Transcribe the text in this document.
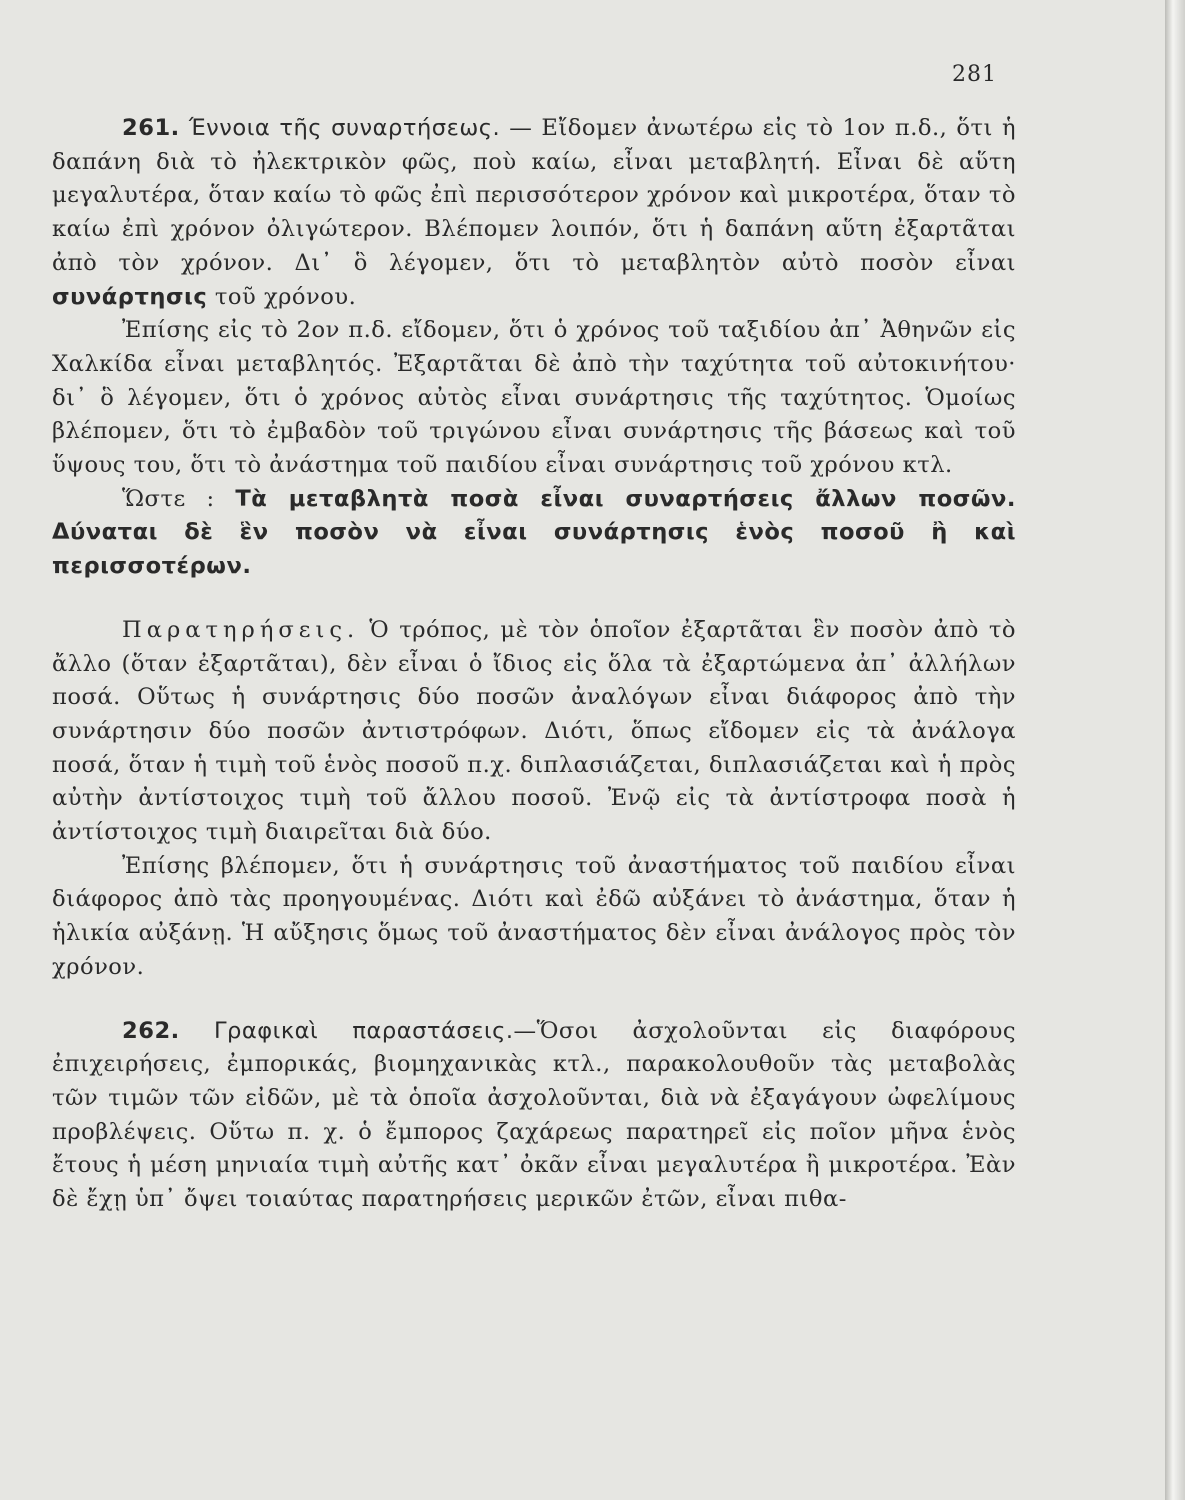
281

261. Έννοια τῆς συναρτήσεως. — Εἴδομεν ἀνωτέρω εἰς τὸ 1ον π.δ., ὅτι ἡ δαπάνη διὰ τὸ ἠλεκτρικὸν φῶς, ποὺ καίω, εἶναι μεταβλητή. Εἶναι δὲ αὕτη μεγαλυτέρα, ὅταν καίω τὸ φῶς ἐπὶ περισσότερον χρόνον καὶ μικροτέρα, ὅταν τὸ καίω ἐπὶ χρόνον ὀλιγώτερον. Βλέπομεν λοιπόν, ὅτι ἡ δαπάνη αὕτη ἐξαρτᾶται ἀπὸ τὸν χρόνον. Δι᾽ ὃ λέγομεν, ὅτι τὸ μεταβλητὸν αὐτὸ ποσὸν εἶναι συνάρτησις τοῦ χρόνου.

Ἐπίσης εἰς τὸ 2ον π.δ. εἴδομεν, ὅτι ὁ χρόνος τοῦ ταξιδίου ἀπ᾽ Ἀθηνῶν εἰς Χαλκίδα εἶναι μεταβλητός. Ἐξαρτᾶται δὲ ἀπὸ τὴν ταχύτητα τοῦ αὐτοκινήτου· δι᾽ ὃ λέγομεν, ὅτι ὁ χρόνος αὐτὸς εἶναι συνάρτησις τῆς ταχύτητος. Ὁμοίως βλέπομεν, ὅτι τὸ ἐμβαδὸν τοῦ τριγώνου εἶναι συνάρτησις τῆς βάσεως καὶ τοῦ ὕψους του, ὅτι τὸ ἀνάστημα τοῦ παιδίου εἶναι συνάρτησις τοῦ χρόνου κτλ.

Ὥστε : Τὰ μεταβλητὰ ποσὰ εἶναι συναρτήσεις ἄλλων ποσῶν. Δύναται δὲ ἓν ποσὸν νὰ εἶναι συνάρτησις ἑνὸς ποσοῦ ἢ καὶ περισσοτέρων.

Παρατηρήσεις. Ὁ τρόπος, μὲ τὸν ὁποῖον ἐξαρτᾶται ἓν ποσὸν ἀπὸ τὸ ἄλλο (ὅταν ἐξαρτᾶται), δὲν εἶναι ὁ ἴδιος εἰς ὅλα τὰ ἐξαρτώμενα ἀπ᾽ ἀλλήλων ποσά. Οὕτως ἡ συνάρτησις δύο ποσῶν ἀναλόγων εἶναι διάφορος ἀπὸ τὴν συνάρτησιν δύο ποσῶν ἀντιστρόφων. Διότι, ὅπως εἴδομεν εἰς τὰ ἀνάλογα ποσά, ὅταν ἡ τιμὴ τοῦ ἑνὸς ποσοῦ π.χ. διπλασιάζεται, διπλασιάζεται καὶ ἡ πρὸς αὐτὴν ἀντίστοιχος τιμὴ τοῦ ἄλλου ποσοῦ. Ἐνῷ εἰς τὰ ἀντίστροφα ποσὰ ἡ ἀντίστοιχος τιμὴ διαιρεῖται διὰ δύο.

Ἐπίσης βλέπομεν, ὅτι ἡ συνάρτησις τοῦ ἀναστήματος τοῦ παιδίου εἶναι διάφορος ἀπὸ τὰς προηγουμένας. Διότι καὶ ἐδῶ αὐξάνει τὸ ἀνάστημα, ὅταν ἡ ἡλικία αὐξάνῃ. Ἡ αὔξησις ὅμως τοῦ ἀναστήματος δὲν εἶναι ἀνάλογος πρὸς τὸν χρόνον.

262. Γραφικαὶ παραστάσεις.—Ὅσοι ἀσχολοῦνται εἰς διαφόρους ἐπιχειρήσεις, ἐμπορικάς, βιομηχανικὰς κτλ., παρακολουθοῦν τὰς μεταβολὰς τῶν τιμῶν τῶν εἰδῶν, μὲ τὰ ὁποῖα ἀσχολοῦνται, διὰ νὰ ἐξαγάγουν ὠφελίμους προβλέψεις. Οὕτω π. χ. ὁ ἔμπορος ζαχάρεως παρατηρεῖ εἰς ποῖον μῆνα ἑνὸς ἔτους ἡ μέση μηνιαία τιμὴ αὐτῆς κατ᾽ ὀκᾶν εἶναι μεγαλυτέρα ἢ μικροτέρα. Ἐὰν δὲ ἔχῃ ὑπ᾽ ὄψει τοιαύτας παρατηρήσεις μερικῶν ἐτῶν, εἶναι πιθα-
